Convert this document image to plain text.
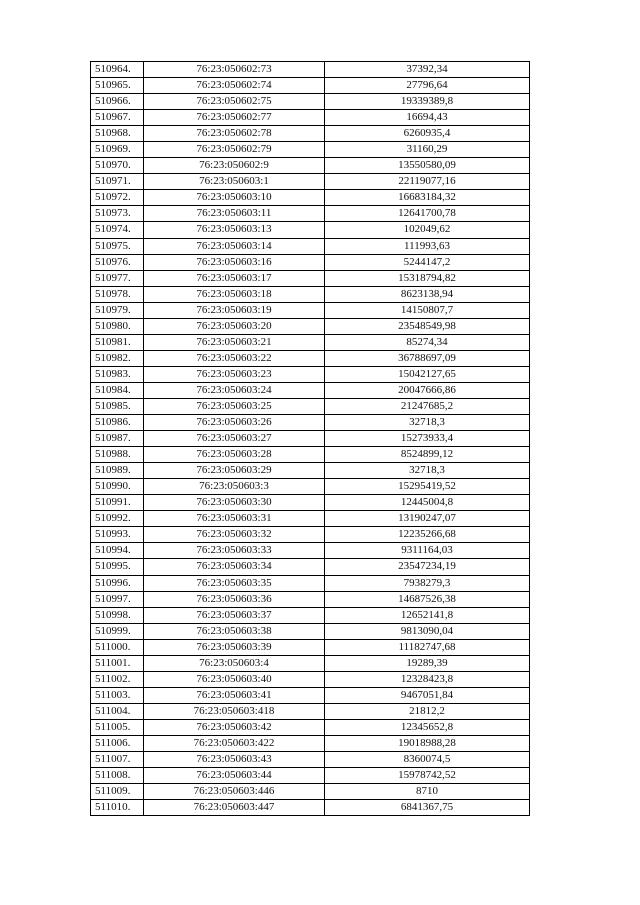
510964.	76:23:050602:73	37392,34
510965.	76:23:050602:74	27796,64
510966.	76:23:050602:75	19339389,8
510967.	76:23:050602:77	16694,43
510968.	76:23:050602:78	6260935,4
510969.	76:23:050602:79	31160,29
510970.	76:23:050602:9	13550580,09
510971.	76:23:050603:1	22119077,16
510972.	76:23:050603:10	16683184,32
510973.	76:23:050603:11	12641700,78
510974.	76:23:050603:13	102049,62
510975.	76:23:050603:14	111993,63
510976.	76:23:050603:16	5244147,2
510977.	76:23:050603:17	15318794,82
510978.	76:23:050603:18	8623138,94
510979.	76:23:050603:19	14150807,7
510980.	76:23:050603:20	23548549,98
510981.	76:23:050603:21	85274,34
510982.	76:23:050603:22	36788697,09
510983.	76:23:050603:23	15042127,65
510984.	76:23:050603:24	20047666,86
510985.	76:23:050603:25	21247685,2
510986.	76:23:050603:26	32718,3
510987.	76:23:050603:27	15273933,4
510988.	76:23:050603:28	8524899,12
510989.	76:23:050603:29	32718,3
510990.	76:23:050603:3	15295419,52
510991.	76:23:050603:30	12445004,8
510992.	76:23:050603:31	13190247,07
510993.	76:23:050603:32	12235266,68
510994.	76:23:050603:33	9311164,03
510995.	76:23:050603:34	23547234,19
510996.	76:23:050603:35	7938279,3
510997.	76:23:050603:36	14687526,38
510998.	76:23:050603:37	12652141,8
510999.	76:23:050603:38	9813090,04
511000.	76:23:050603:39	11182747,68
511001.	76:23:050603:4	19289,39
511002.	76:23:050603:40	12328423,8
511003.	76:23:050603:41	9467051,84
511004.	76:23:050603:418	21812,2
511005.	76:23:050603:42	12345652,8
511006.	76:23:050603:422	19018988,28
511007.	76:23:050603:43	8360074,5
511008.	76:23:050603:44	15978742,52
511009.	76:23:050603:446	8710
511010.	76:23:050603:447	6841367,75
